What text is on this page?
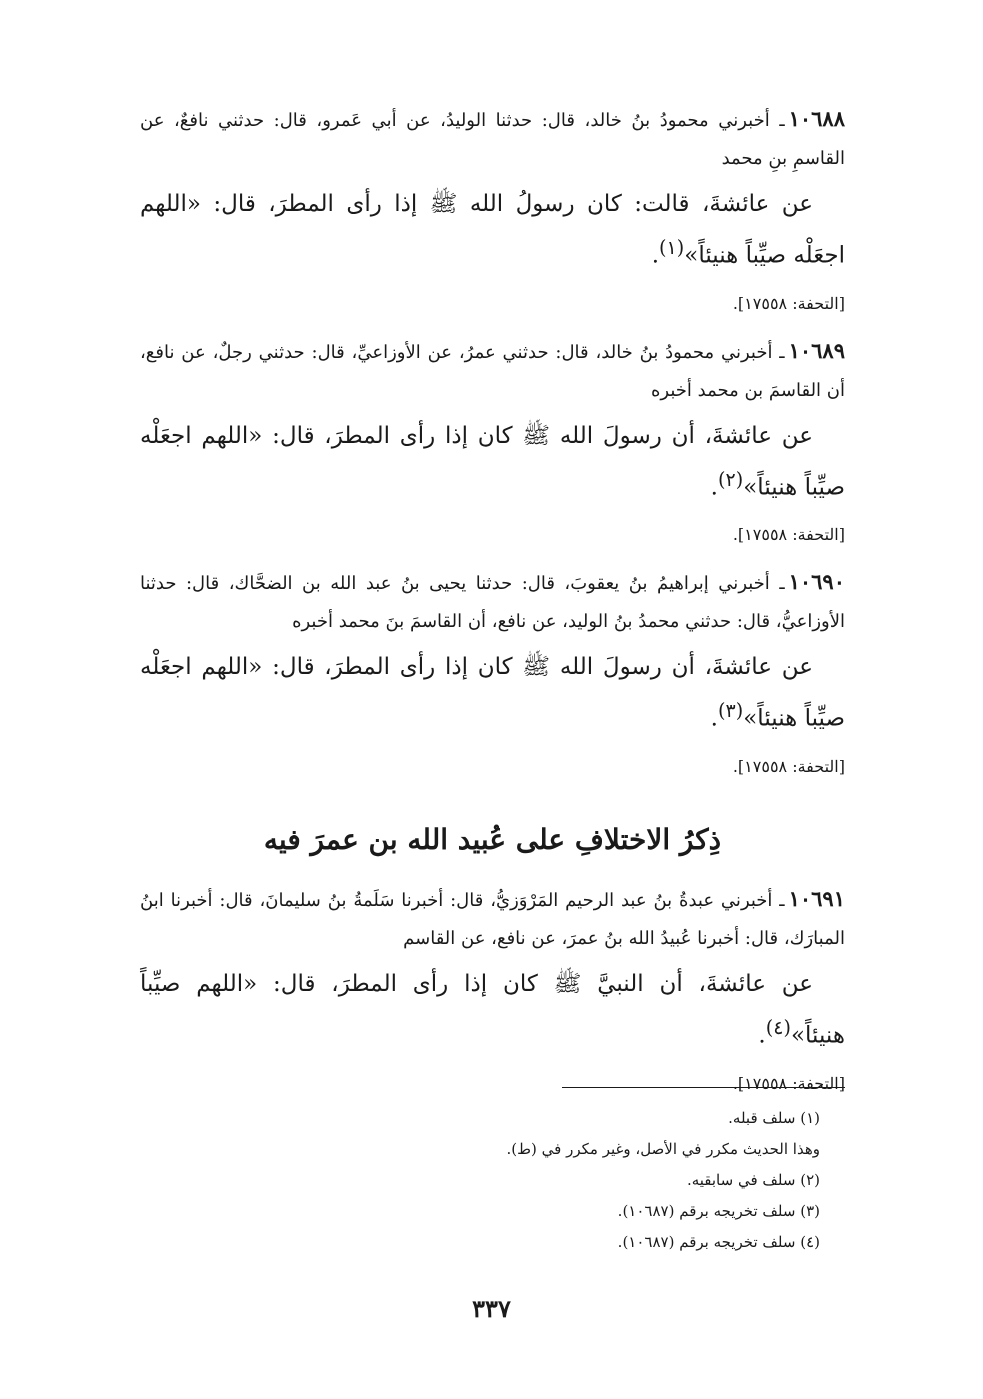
١٠٦٨٨ـ أخبرني محمودُ بنُ خالد، قال: حدثنا الوليدُ، عن أبي عَمرو، قال: حدثني نافعٌ، عن القاسمِ بنِ محمد
عن عائشةَ، قالت: كان رسولُ الله ﷺ إذا رأى المطرَ، قال: «اللهم اجعَلْه صيِّباً هنيئاً»$^{(١)}$.
[التحفة: ١٧٥٥٨].
١٠٦٨٩ـ أخبرني محمودُ بنُ خالد، قال: حدثني عمرُ، عن الأوزاعيِّ، قال: حدثني رجلٌ، عن نافع، أن القاسمَ بن محمد أخبره
عن عائشةَ، أن رسولَ الله ﷺ كان إذا رأى المطرَ، قال: «اللهم اجعَلْه صيِّباً هنيئاً»$^{(٢)}$.
[التحفة: ١٧٥٥٨].
١٠٦٩٠ـ أخبرني إبراهيمُ بنُ يعقوبَ، قال: حدثنا يحيى بنُ عبد الله بن الضحَّاك، قال: حدثنا الأوزاعيُّ، قال: حدثني محمدُ بنُ الوليد، عن نافع، أن القاسمَ بنَ محمد أخبره
عن عائشةَ، أن رسولَ الله ﷺ كان إذا رأى المطرَ، قال: «اللهم اجعَلْه صيِّباً هنيئاً»$^{(٣)}$.
[التحفة: ١٧٥٥٨].
ذِكرُ الاختلافِ على عُبيد الله بن عمرَ فيه
١٠٦٩١ـ أخبرني عبدةُ بنُ عبد الرحيم المَرْوَزيُّ، قال: أخبرنا سَلَمةُ بنُ سليمانَ، قال: أخبرنا ابنُ المبارَك، قال: أخبرنا عُبيدُ الله بنُ عمرَ، عن نافع، عن القاسم
عن عائشةَ، أن النبيَّ ﷺ كان إذا رأى المطرَ، قال: «اللهم صيِّباً هنيئاً»$^{(٤)}$.
[التحفة: ١٧٥٥٨].
(١) سلف قبله.
وهذا الحديث مكرر في الأصل، وغير مكرر في (ط).
(٢) سلف في سابقيه.
(٣) سلف تخريجه برقم (١٠٦٨٧).
(٤) سلف تخريجه برقم (١٠٦٨٧).
٣٣٧
